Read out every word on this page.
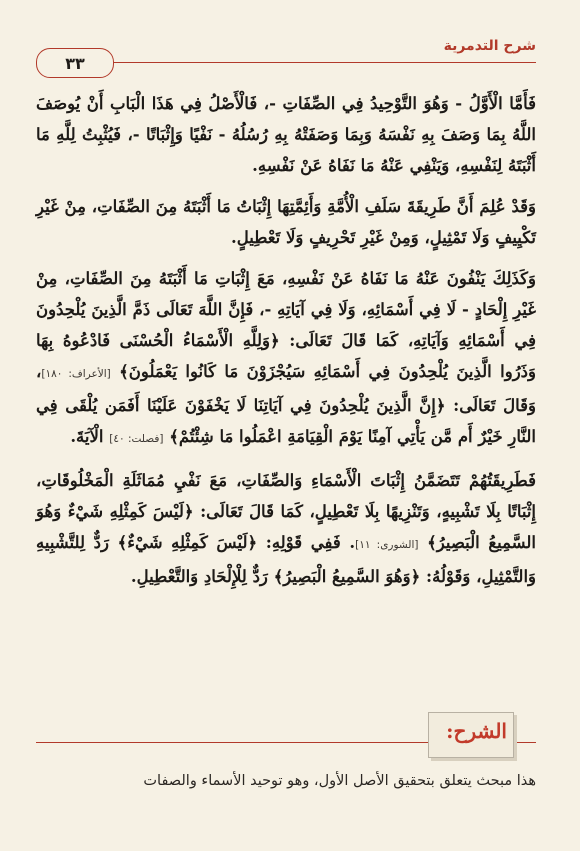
شرح التدمرية
٣٣

فَأَمَّا الْأَوَّلُ - وَهُوَ التَّوْحِيدُ فِي الصِّفَاتِ -، فَالْأَصْلُ فِي هَذَا الْبَابِ أَنْ يُوصَفَ اللَّهُ بِمَا وَصَفَ بِهِ نَفْسَهُ وَبِمَا وَصَفَتْهُ بِهِ رُسُلُهُ - نَفْيًا وَإِثْبَاتًا -، فَيُثْبِتُ لِلَّهِ مَا أَثْبَتَهُ لِنَفْسِهِ، وَيَنْفِي عَنْهُ مَا نَفَاهُ عَنْ نَفْسِهِ.

وَقَدْ عُلِمَ أَنَّ طَرِيقَةَ سَلَفِ الْأُمَّةِ وَأَئِمَّتِهَا إِثْبَاتُ مَا أَثْبَتَهُ مِنَ الصِّفَاتِ، مِنْ غَيْرِ تَكْيِيفٍ وَلَا تَمْثِيلٍ، وَمِنْ غَيْرِ تَحْرِيفٍ وَلَا تَعْطِيلٍ.

وَكَذَلِكَ يَنْفُونَ عَنْهُ مَا نَفَاهُ عَنْ نَفْسِهِ، مَعَ إِثْبَاتِ مَا أَثْبَتَهُ مِنَ الصِّفَاتِ، مِنْ غَيْرِ إِلْحَادٍ - لَا فِي أَسْمَائِهِ، وَلَا فِي آيَاتِهِ -، فَإِنَّ اللَّهَ تَعَالَى ذَمَّ الَّذِينَ يُلْحِدُونَ فِي أَسْمَائِهِ وَآيَاتِهِ، كَمَا قَالَ تَعَالَى: ﴿وَلِلَّهِ الْأَسْمَاءُ الْحُسْنَى فَادْعُوهُ بِهَا وَذَرُوا الَّذِينَ يُلْحِدُونَ فِي أَسْمَائِهِ سَيُجْزَوْنَ مَا كَانُوا يَعْمَلُونَ﴾ [الأعراف: ١٨٠]، وَقَالَ تَعَالَى: ﴿إِنَّ الَّذِينَ يُلْحِدُونَ فِي آيَاتِنَا لَا يَخْفَوْنَ عَلَيْنَا أَفَمَن يُلْقَى فِي النَّارِ خَيْرٌ أَم مَّن يَأْتِي آمِنًا يَوْمَ الْقِيَامَةِ اعْمَلُوا مَا شِئْتُمْ﴾ [فصلت: ٤٠] الْآيَةَ.

فَطَرِيقَتُهُمْ تَتَضَمَّنُ إِثْبَاتَ الْأَسْمَاءِ وَالصِّفَاتِ، مَعَ نَفْيِ مُمَاثَلَةِ الْمَخْلُوقَاتِ، إِثْبَاتًا بِلَا تَشْبِيهٍ، وَتَنْزِيهًا بِلَا تَعْطِيلٍ، كَمَا قَالَ تَعَالَى: ﴿لَيْسَ كَمِثْلِهِ شَيْءٌ وَهُوَ السَّمِيعُ الْبَصِيرُ﴾ [الشورى: ١١]. فَفِي قَوْلِهِ: ﴿لَيْسَ كَمِثْلِهِ شَيْءٌ﴾ رَدٌّ لِلتَّشْبِيهِ وَالتَّمْثِيلِ، وَقَوْلُهُ: ﴿وَهُوَ السَّمِيعُ الْبَصِيرُ﴾ رَدٌّ لِلْإِلْحَادِ وَالتَّعْطِيلِ.

الشرح:
هذا مبحث يتعلق بتحقيق الأصل الأول، وهو توحيد الأسماء والصفات
